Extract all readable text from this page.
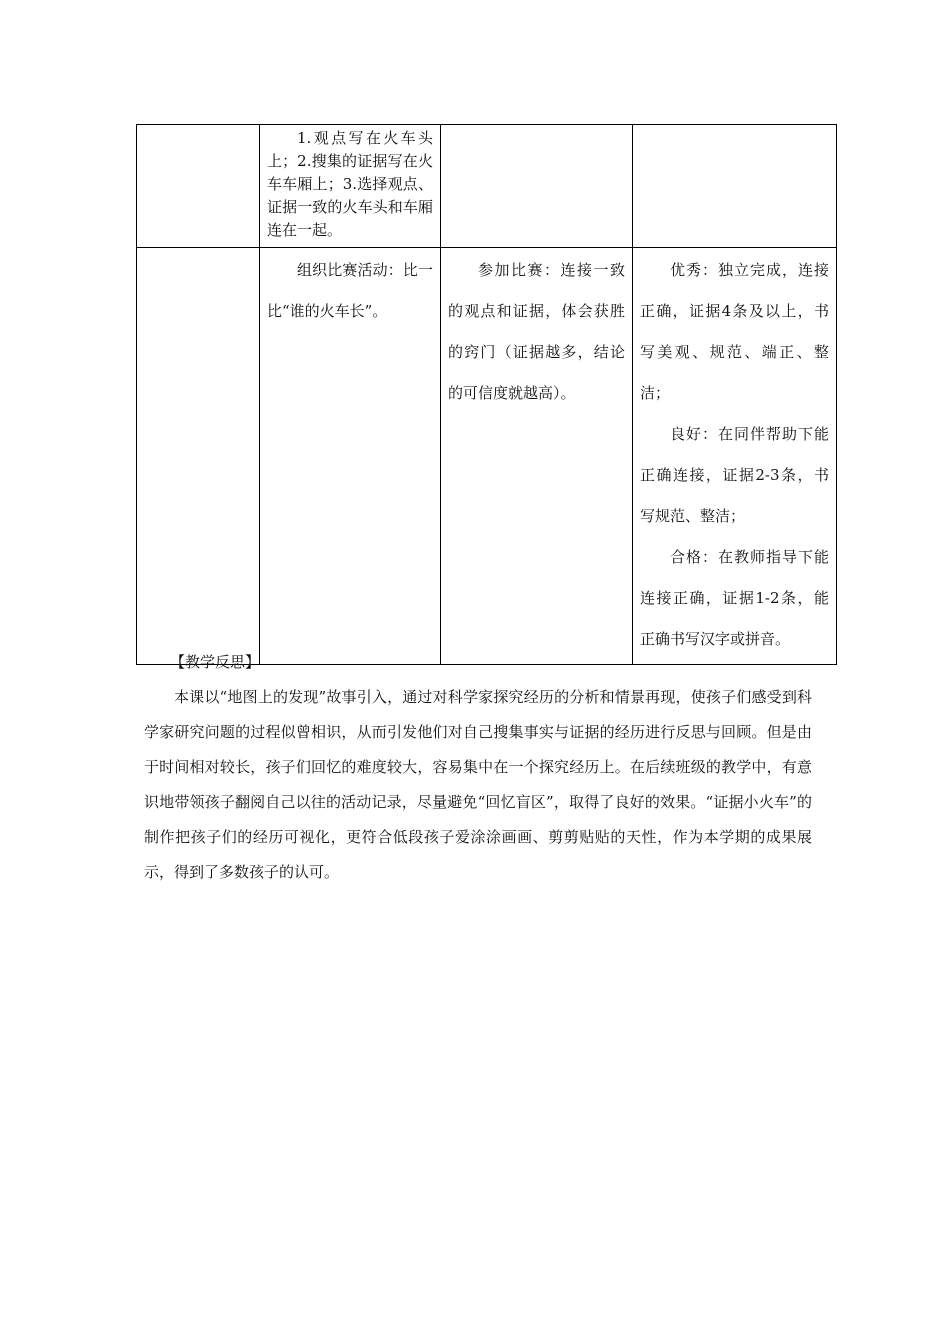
	1.观点写在火车头上；2.搜集的证据写在火车车厢上；3.选择观点、证据一致的火车头和车厢连在一起。		
	组织比赛活动：比一比“谁的火车长”。	参加比赛：连接一致的观点和证据，体会获胜的窍门（证据越多，结论的可信度就越高）。	优秀：独立完成，连接正确，证据4条及以上，书写美观、规范、端正、整洁；

良好：在同伴帮助下能正确连接，证据2-3条，书写规范、整洁；

合格：在教师指导下能连接正确，证据1-2条，能正确书写汉字或拼音。

【教学反思】

本课以“地图上的发现”故事引入，通过对科学家探究经历的分析和情景再现，使孩子们感受到科学家研究问题的过程似曾相识，从而引发他们对自己搜集事实与证据的经历进行反思与回顾。但是由于时间相对较长，孩子们回忆的难度较大，容易集中在一个探究经历上。在后续班级的教学中，有意识地带领孩子翻阅自己以往的活动记录，尽量避免“回忆盲区”，取得了良好的效果。“证据小火车”的制作把孩子们的经历可视化，更符合低段孩子爱涂涂画画、剪剪贴贴的天性，作为本学期的成果展示，得到了多数孩子的认可。
